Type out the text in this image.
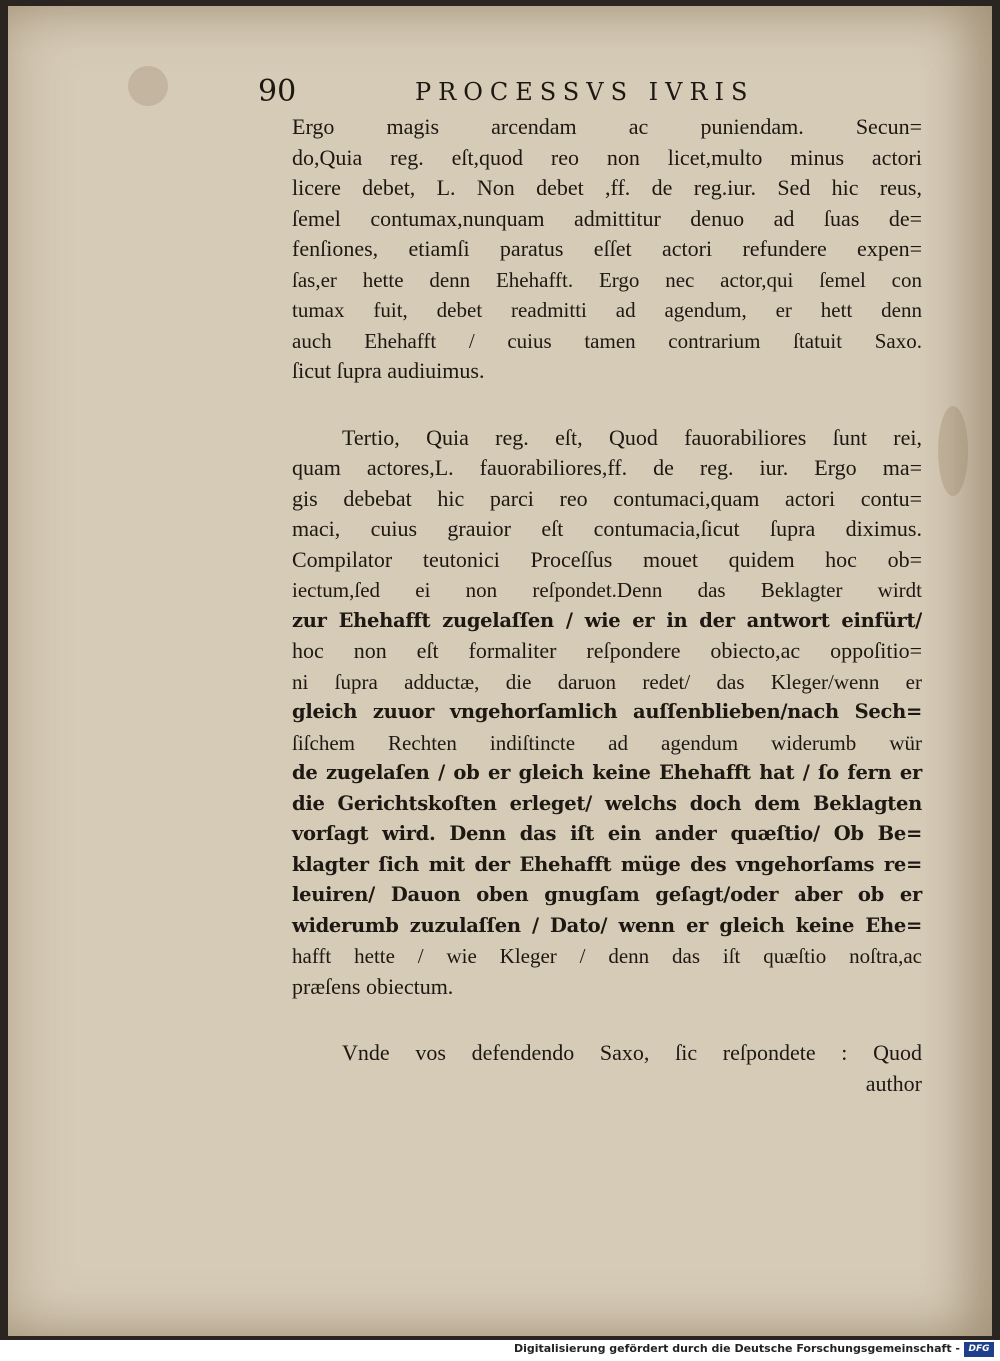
90	PROCESSVS IVRIS
Ergo magis arcendam ac puniendam. Secun=
do,Quia reg. eſt,quod reo non licet,multo minus actori
licere debet, L. Non debet ,ff. de reg.iur. Sed hic reus,
ſemel contumax,nunquam admittitur denuo ad ſuas de=
fenſiones, etiamſi paratus eſſet actori refundere expen=
ſas,er hette denn Ehehafft. Ergo nec actor,qui ſemel con
tumax fuit, debet readmitti ad agendum, er hett denn
auch Ehehafft / cuius tamen contrarium ſtatuit Saxo.
ſicut ſupra audiuimus.
Tertio, Quia reg. eſt, Quod fauorabiliores ſunt rei,
quam actores,L. fauorabiliores,ff. de reg. iur. Ergo ma=
gis debebat hic parci reo contumaci,quam actori contu=
maci, cuius grauior eſt contumacia,ſicut ſupra diximus.
Compilator teutonici Proceſſus mouet quidem hoc ob=
iectum,ſed ei non reſpondet.Denn das Beklagter wirdt
zur Ehehafft zugelaſſen / wie er in der antwort einfürt/
hoc non eſt formaliter reſpondere obiecto,ac oppoſitio=
ni ſupra adductæ, die daruon redet/ das Kleger/wenn er
gleich zuuor vngehorſamlich auſſenblieben/nach Sech=
ſiſchem Rechten indiſtincte ad agendum widerumb wür
de zugelaſen / ob er gleich keine Ehehafft hat / ſo fern er
die Gerichtskoſten erleget/ welchs doch dem Beklagten
vorſagt wird. Denn das iſt ein ander quæſtio/ Ob Be=
klagter ſich mit der Ehehafft müge des vngehorſams re=
leuiren/ Dauon oben gnugſam geſagt/oder aber ob er
widerumb zuzulaſſen / Dato/ wenn er gleich keine Ehe=
hafft hette / wie Kleger / denn das iſt quæſtio noſtra,ac
præſens obiectum.
Vnde vos defendendo Saxo, ſic reſpondete : Quod
author
Digitalisierung gefördert durch die Deutsche Forschungsgemeinschaft - DFG
